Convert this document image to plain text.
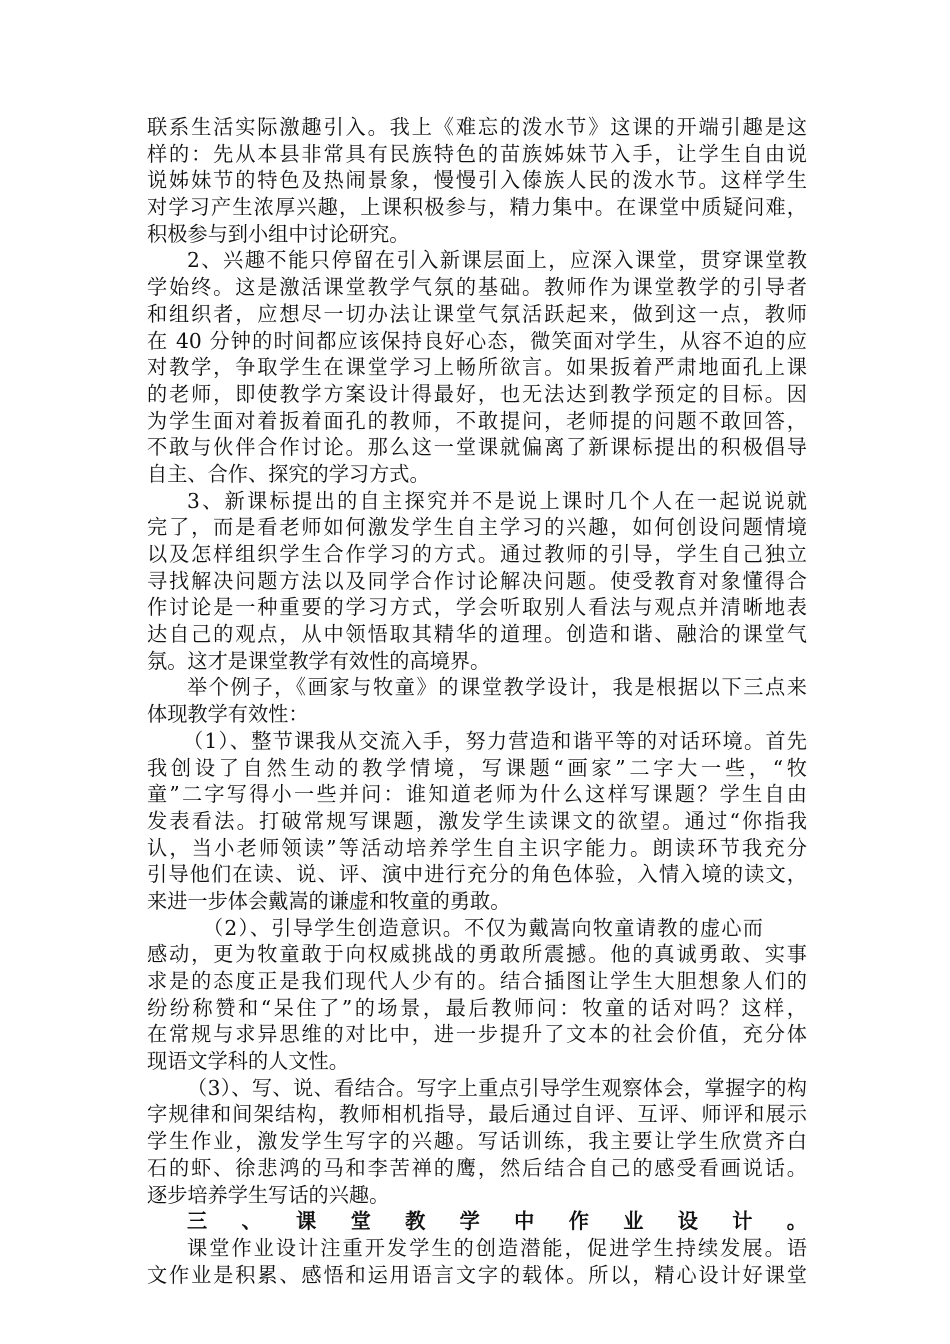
联系生活实际激趣引入。我上《难忘的泼水节》这课的开端引趣是这
样的：先从本县非常具有民族特色的苗族姊妹节入手，让学生自由说
说姊妹节的特色及热闹景象，慢慢引入傣族人民的泼水节。这样学生
对学习产生浓厚兴趣，上课积极参与，精力集中。在课堂中质疑问难，
积极参与到小组中讨论研究。
2、兴趣不能只停留在引入新课层面上，应深入课堂，贯穿课堂教
学始终。这是激活课堂教学气氛的基础。教师作为课堂教学的引导者
和组织者，应想尽一切办法让课堂气氛活跃起来，做到这一点，教师
在 40 分钟的时间都应该保持良好心态，微笑面对学生，从容不迫的应
对教学，争取学生在课堂学习上畅所欲言。如果扳着严肃地面孔上课
的老师，即使教学方案设计得最好，也无法达到教学预定的目标。因
为学生面对着扳着面孔的教师，不敢提问，老师提的问题不敢回答，
不敢与伙伴合作讨论。那么这一堂课就偏离了新课标提出的积极倡导
自主、合作、探究的学习方式。
3、新课标提出的自主探究并不是说上课时几个人在一起说说就
完了，而是看老师如何激发学生自主学习的兴趣，如何创设问题情境
以及怎样组织学生合作学习的方式。通过教师的引导，学生自己独立
寻找解决问题方法以及同学合作讨论解决问题。使受教育对象懂得合
作讨论是一种重要的学习方式，学会听取别人看法与观点并清晰地表
达自己的观点，从中领悟取其精华的道理。创造和谐、融洽的课堂气
氛。这才是课堂教学有效性的高境界。
举个例子，《画家与牧童》的课堂教学设计，我是根据以下三点来
体现教学有效性：
（1）、整节课我从交流入手，努力营造和谐平等的对话环境。首先
我创设了自然生动的教学情境，写课题“画家”二字大一些，“牧
童”二字写得小一些并问：谁知道老师为什么这样写课题？学生自由
发表看法。打破常规写课题，激发学生读课文的欲望。通过“你指我
认，当小老师领读”等活动培养学生自主识字能力。朗读环节我充分
引导他们在读、说、评、演中进行充分的角色体验，入情入境的读文，
来进一步体会戴嵩的谦虚和牧童的勇敢。
（2）、引导学生创造意识。不仅为戴嵩向牧童请教的虚心而
感动，更为牧童敢于向权威挑战的勇敢所震撼。他的真诚勇敢、实事
求是的态度正是我们现代人少有的。结合插图让学生大胆想象人们的
纷纷称赞和“呆住了”的场景，最后教师问：牧童的话对吗？这样，
在常规与求异思维的对比中，进一步提升了文本的社会价值，充分体
现语文学科的人文性。
（3）、写、说、看结合。写字上重点引导学生观察体会，掌握字的构
字规律和间架结构，教师相机指导，最后通过自评、互评、师评和展示
学生作业，激发学生写字的兴趣。写话训练，我主要让学生欣赏齐白
石的虾、徐悲鸿的马和李苦禅的鹰，然后结合自己的感受看画说话。
逐步培养学生写话的兴趣。
三、课堂教学中作业设计。
课堂作业设计注重开发学生的创造潜能，促进学生持续发展。语
文作业是积累、感悟和运用语言文字的载体。所以，精心设计好课堂
